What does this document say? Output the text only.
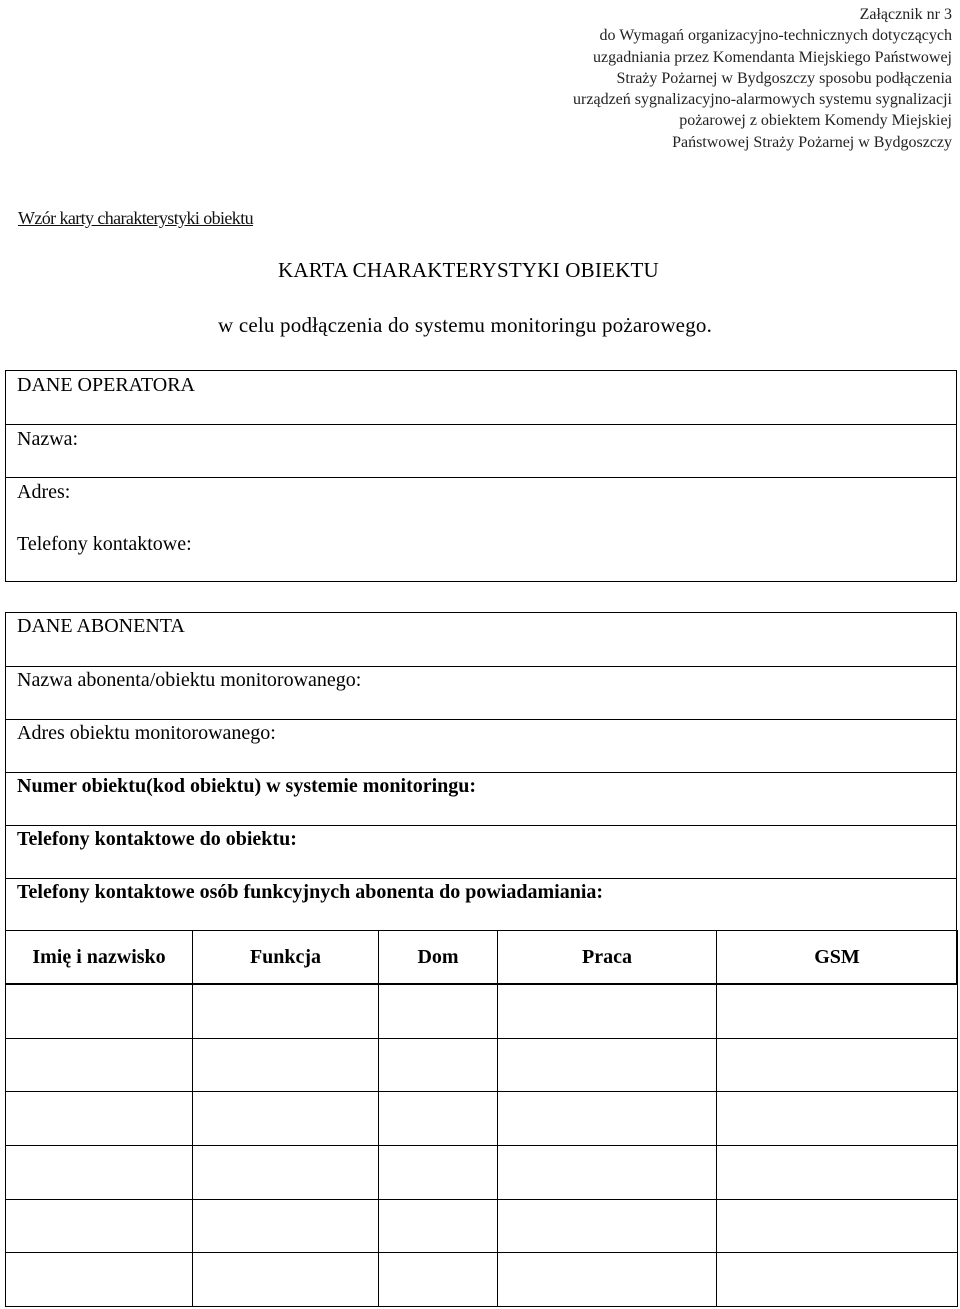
Załącznik nr 3
do Wymagań organizacyjno-technicznych dotyczących
uzgadniania przez Komendanta Miejskiego Państwowej
Straży Pożarnej w Bydgoszczy sposobu podłączenia
urządzeń sygnalizacyjno-alarmowych systemu sygnalizacji
pożarowej z obiektem Komendy Miejskiej
Państwowej Straży Pożarnej w Bydgoszczy
Wzór karty charakterystyki obiektu
KARTA CHARAKTERYSTYKI OBIEKTU
w celu podłączenia do systemu monitoringu pożarowego.
DANE OPERATORA
Nazwa:
Adres:
Telefony kontaktowe:
DANE ABONENTA
Nazwa abonenta/obiektu monitorowanego:
Adres obiektu monitorowanego:
Numer obiektu(kod obiektu) w systemie monitoringu:
Telefony kontaktowe do obiektu:
Telefony kontaktowe osób funkcyjnych abonenta do powiadamiania:
Imię i nazwisko	Funkcja	Dom	Praca	GSM
